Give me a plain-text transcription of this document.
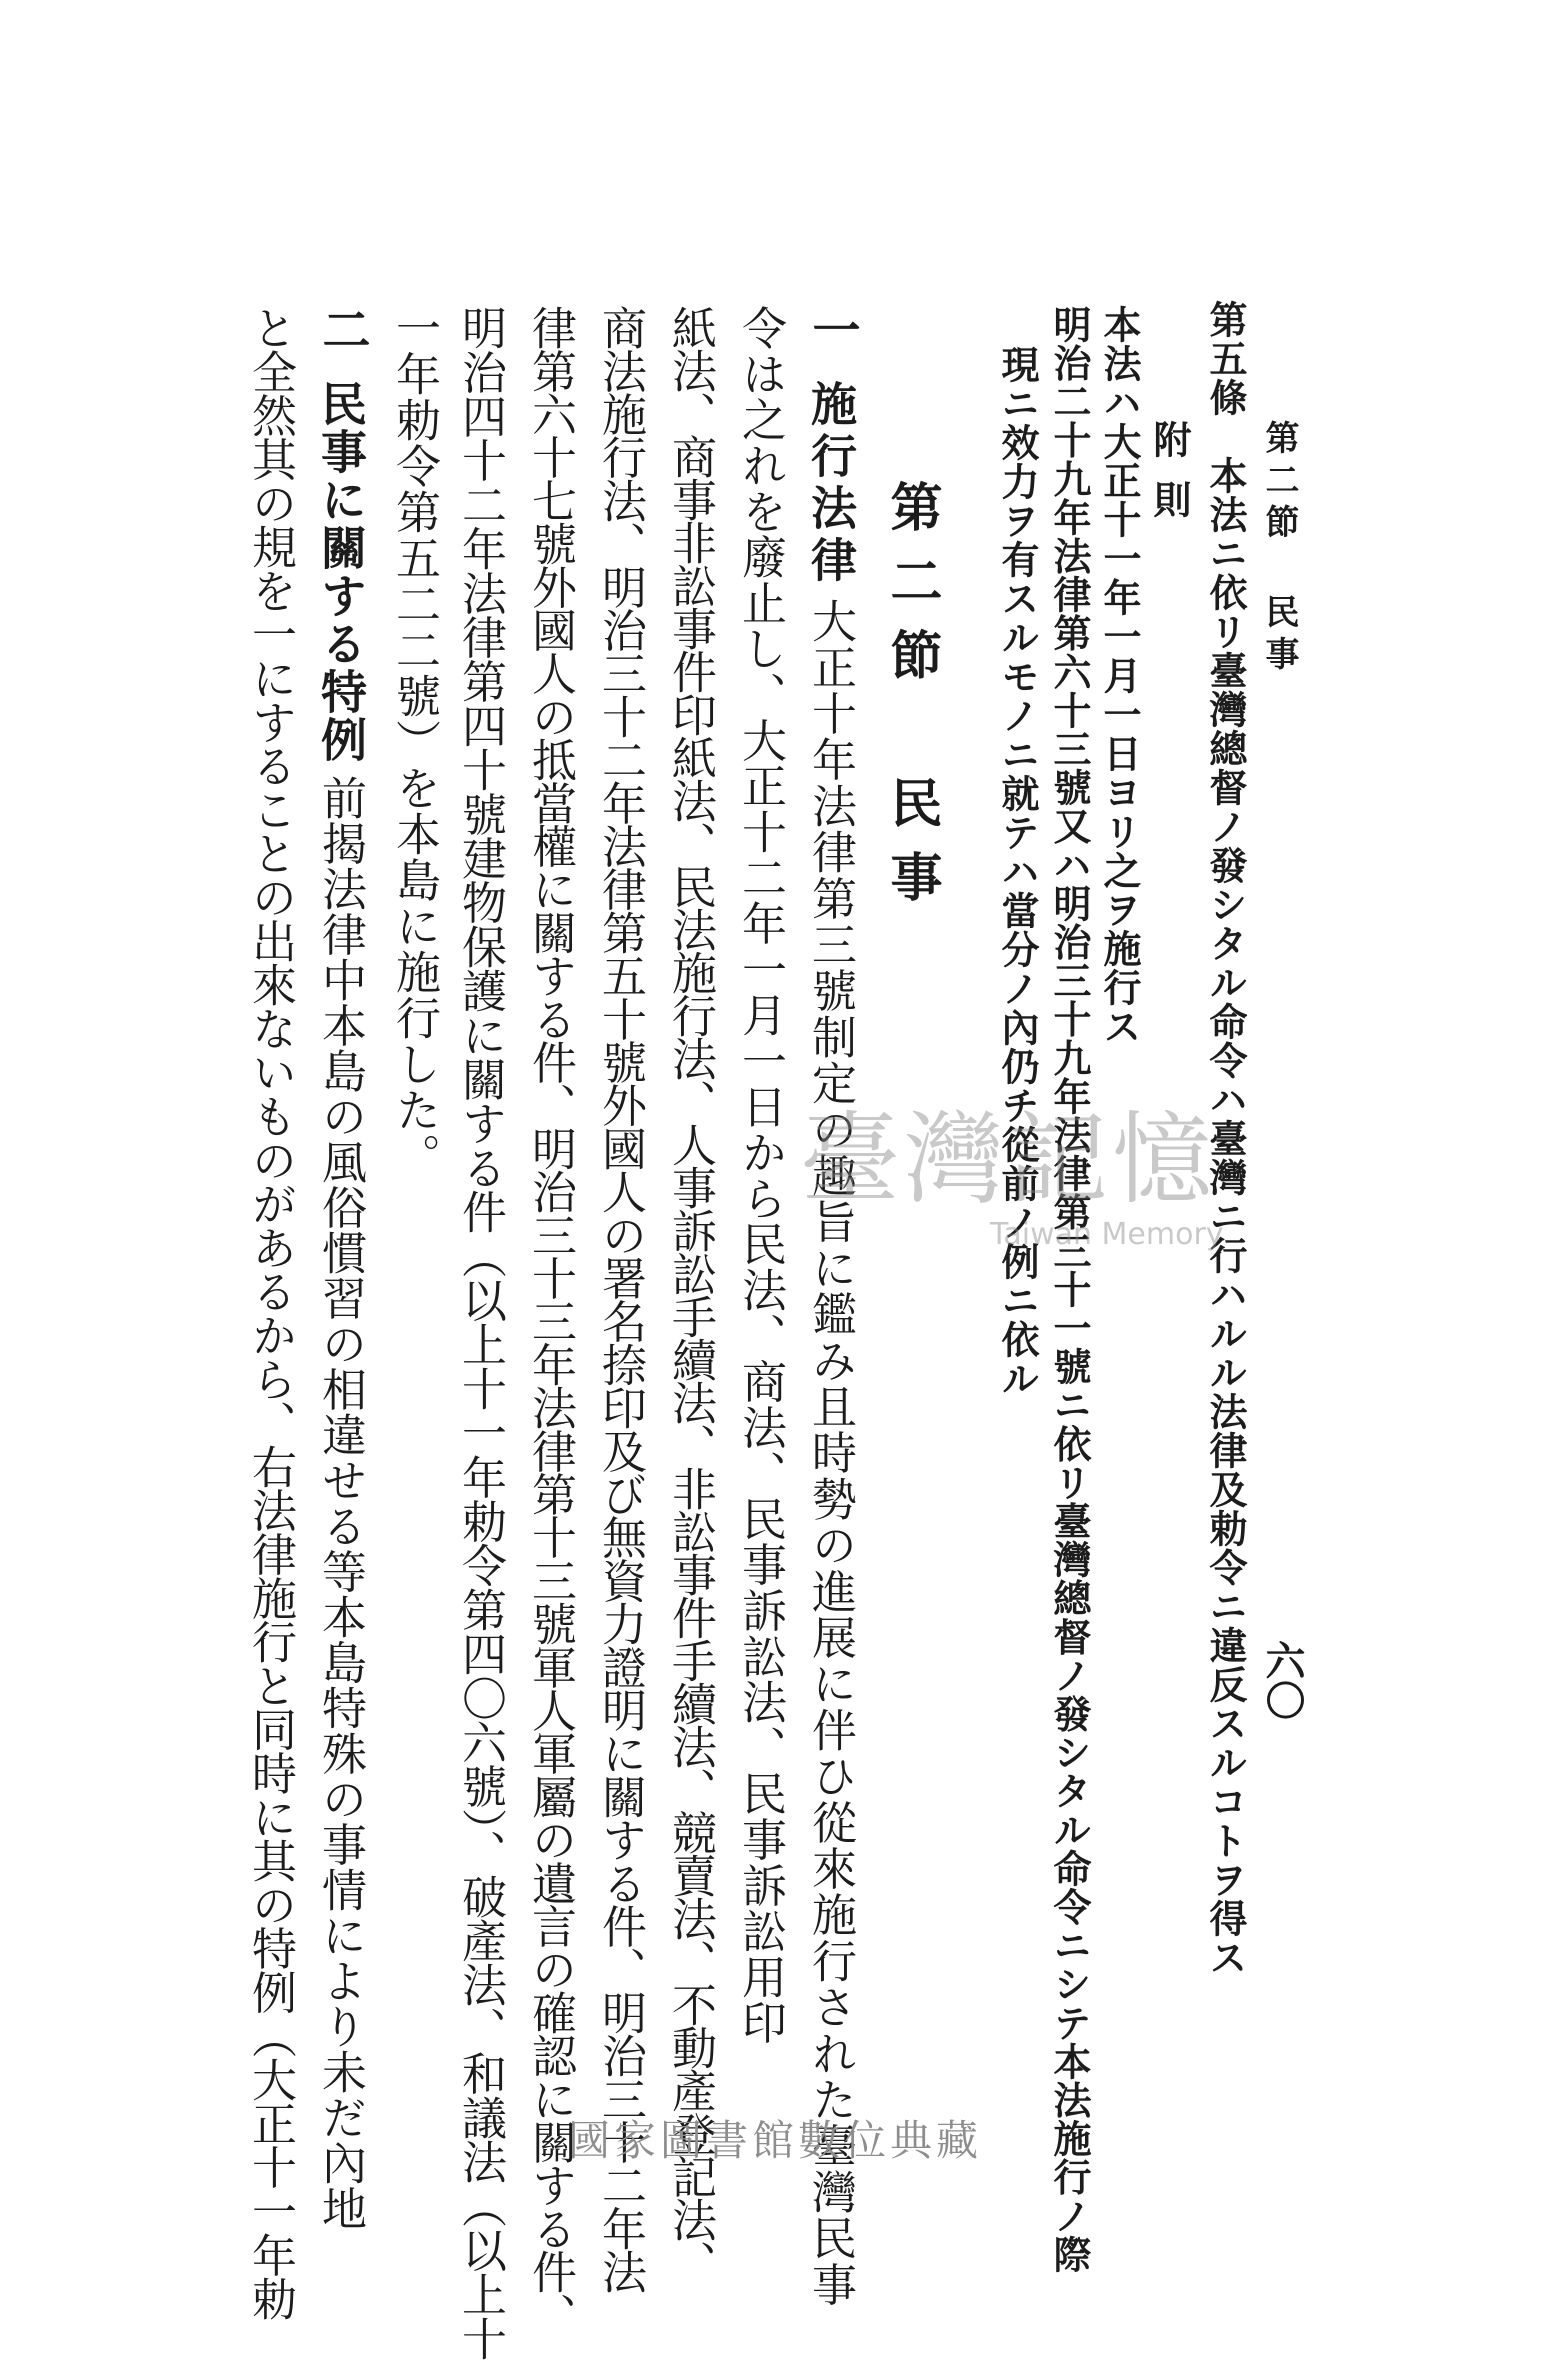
第二節 民事
六〇
第五條　本法ニ依リ臺灣總督ノ發シタル命令ハ臺灣ニ行ハルル法律及勅令ニ違反スルコトヲ得ス
附則
本法ハ大正十一年一月一日ヨリ之ヲ施行ス
明治二十九年法律第六十三號又ハ明治三十九年法律第三十一號ニ依リ臺灣總督ノ發シタル命令ニシテ本法施行ノ際
現ニ效力ヲ有スルモノニ就テハ當分ノ內仍チ從前ノ例ニ依ル
第二節　民事
一
施行法律
大正十年法律第三號制定の趣旨に鑑み且時勢の進展に伴ひ從來施行された臺灣民事
令は之れを廢止し、大正十二年一月一日から民法、商法、民事訴訟法、民事訴訟用印
紙法、商事非訟事件印紙法、民法施行法、人事訴訟手續法、非訟事件手續法、競賣法、不動產登記法、
商法施行法、明治三十二年法律第五十號外國人の署名捺印及び無資力證明に關する件、明治三十二年法
律第六十七號外國人の抵當權に關する件、明治三十三年法律第十三號軍人軍屬の遺言の確認に關する件、
明治四十二年法律第四十號建物保護に關する件（以上十一年勅令第四〇六號）、破產法、和議法（以上十
一年勅令第五二二號）を本島に施行した。
二
民事に關する特例
前揭法律中本島の風俗慣習の相違せる等本島特殊の事情により未だ內地
と全然其の規を一にすることの出來ないものがあるから、右法律施行と同時に其の特例（大正十一年勅	臺灣記憶
Taiwan Memory
國家圖書館數位典藏
